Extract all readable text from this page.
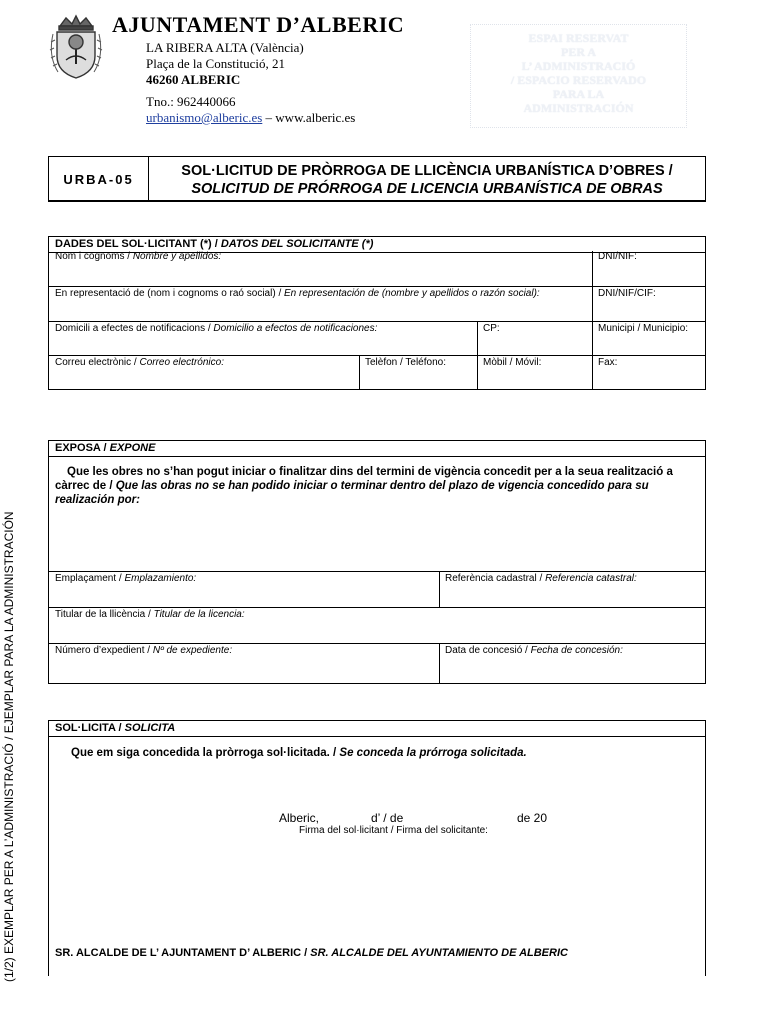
AJUNTAMENT D’ALBERIC
LA RIBERA ALTA (València)
Plaça de la Constitució, 21
46260 ALBERIC
Tno.: 962440066
urbanismo@alberic.es – www.alberic.es
ESPAI RESERVAT
PER A
L’ ADMINISTRACIÓ
/ ESPACIO RESERVADO
PARA LA
ADMINISTRACIÓN
URBA-05	SOL·LICITUD DE PRÒRROGA DE LLICÈNCIA URBANÍSTICA D’OBRES /
SOLICITUD DE PRÓRROGA DE LICENCIA URBANÍSTICA DE OBRAS
DADES DEL SOL·LICITANT (*) / DATOS DEL SOLICITANTE (*)
Nom i cognoms / Nombre y apellidos:	DNI/NIF:
En representació de (nom i cognoms o raó social) / En representación de (nombre y apellidos o razón social):	DNI/NIF/CIF:
Domicili a efectes de notificacions / Domicilio a efectos de notificaciones:	CP:	Municipi / Municipio:
Correu electrònic / Correo electrónico:	Telèfon / Teléfono:	Mòbil / Móvil:	Fax:
EXPOSA / EXPONE
Que les obres no s’han pogut iniciar o finalitzar dins del termini de vigència concedit per a la seua realització a càrrec de / Que las obras no se han podido iniciar o terminar dentro del plazo de vigencia concedido para su realización por:
Emplaçament / Emplazamiento:	Referència cadastral / Referencia catastral:
Titular de la llicència / Titular de la licencia:
Número d’expedient / Nº de expediente:	Data de concesió / Fecha de concesión:
SOL·LICITA / SOLICITA
Que em siga concedida la pròrroga sol·licitada. / Se conceda la prórroga solicitada.
Alberic,	d’ / de	de 20
Firma del sol·licitant / Firma del solicitante:
SR. ALCALDE DE L’ AJUNTAMENT D’ ALBERIC / SR. ALCALDE DEL AYUNTAMIENTO DE ALBERIC
(1/2) EXEMPLAR PER A L’ADMINISTRACIÓ / EJEMPLAR PARA LA ADMINISTRACIÓN
